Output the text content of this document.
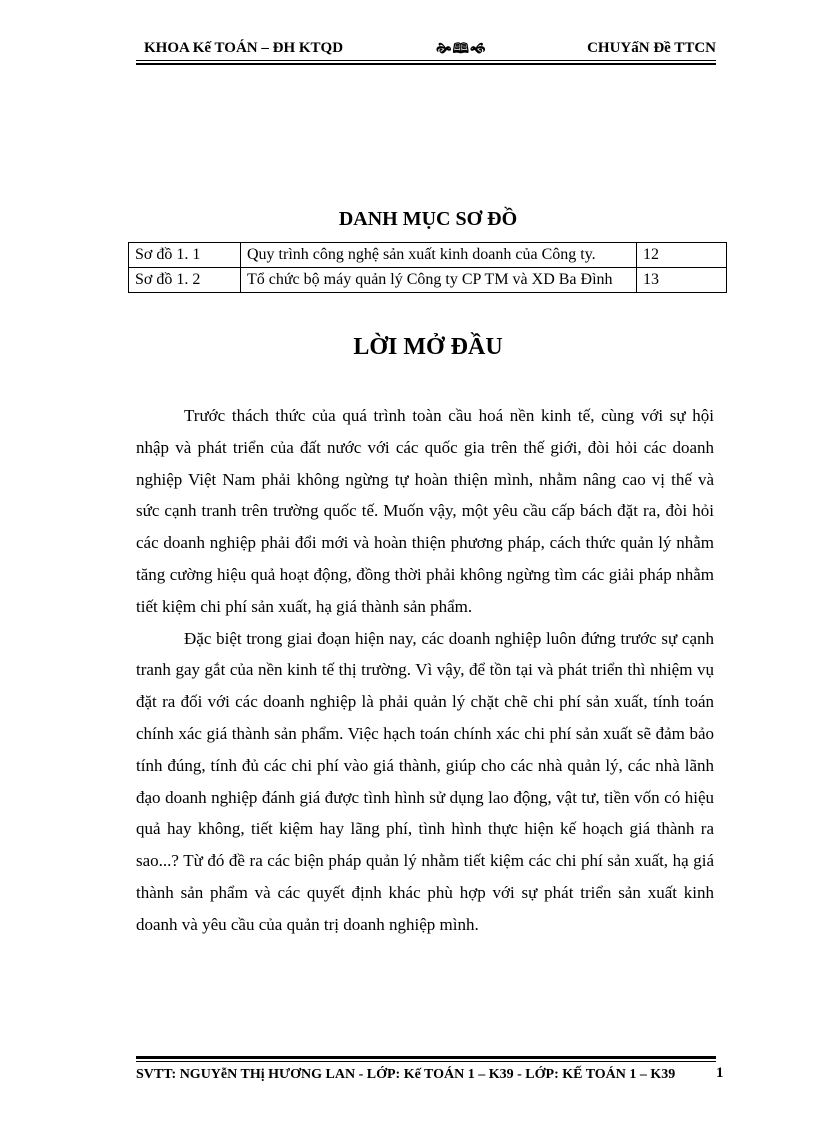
KHOA Kế TOÁN – ĐH KTQD	🙞🕮🙜	CHUYấN Đề TTCN
DANH MỤC SƠ ĐỒ
Sơ đồ 1. 1	Quy trình công nghệ sản xuất kinh doanh của Công ty.	12
Sơ đồ 1. 2	Tổ chức bộ máy quản lý Công ty CP TM và XD Ba Đình	13
LỜI MỞ ĐẦU

Trước thách thức của quá trình toàn cầu hoá nền kinh tế, cùng với sự hội nhập và phát triển của đất nước với các quốc gia trên thế giới, đòi hỏi các doanh nghiệp Việt Nam phải không ngừng tự hoàn thiện mình, nhằm nâng cao vị thế và sức cạnh tranh trên trường quốc tế. Muốn vậy, một yêu cầu cấp bách đặt ra, đòi hỏi các doanh nghiệp phải đổi mới và hoàn thiện phương pháp, cách thức quản lý nhằm tăng cường hiệu quả hoạt động, đồng thời phải không ngừng tìm các giải pháp nhằm tiết kiệm chi phí sản xuất, hạ giá thành sản phẩm.

Đặc biệt trong giai đoạn hiện nay, các doanh nghiệp luôn đứng trước sự cạnh tranh gay gắt của nền kinh tế thị trường. Vì vậy, để tồn tại và phát triển thì nhiệm vụ đặt ra đối với các doanh nghiệp là phải quản lý chặt chẽ chi phí sản xuất, tính toán chính xác giá thành sản phẩm. Việc hạch toán chính xác chi phí sản xuất sẽ đảm bảo tính đúng, tính đủ các chi phí vào giá thành, giúp cho các nhà quản lý, các nhà lãnh đạo doanh nghiệp đánh giá được tình hình sử dụng lao động, vật tư, tiền vốn có hiệu quả hay không, tiết kiệm hay lãng phí, tình hình thực hiện kế hoạch giá thành ra sao...? Từ đó đề ra các biện pháp quản lý nhằm tiết kiệm các chi phí sản xuất, hạ giá thành sản phẩm và các quyết định khác phù hợp với sự phát triển sản xuất kinh doanh và yêu cầu của quản trị doanh nghiệp mình.

SVTT: NGUYễN THị HƯƠNG LAN - LỚP: Kế TOÁN 1 – K39 - LỚP: KẾ TOÁN 1 – K39	1
